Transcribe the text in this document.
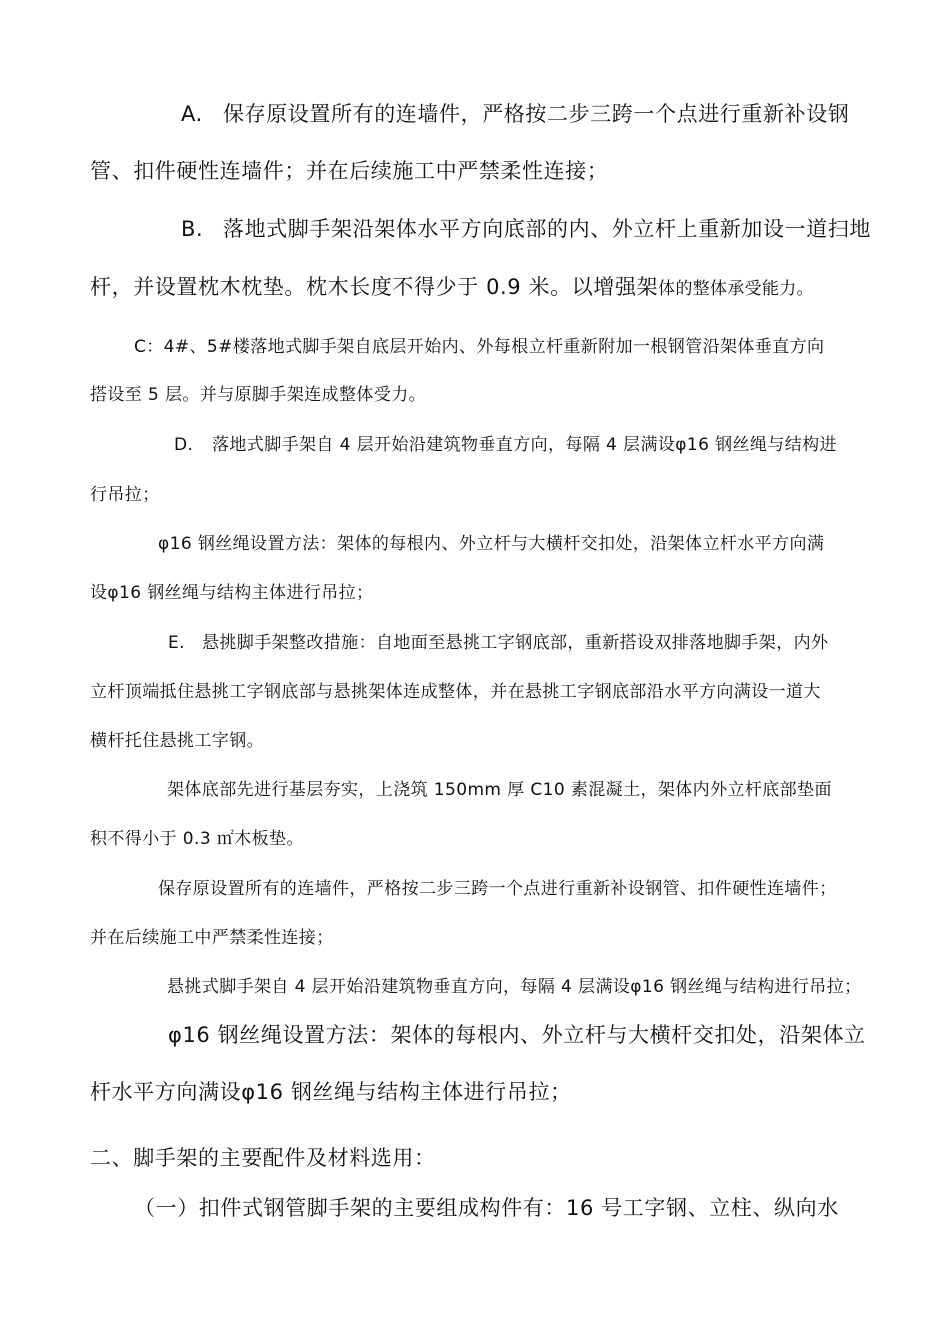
A. 保存原设置所有的连墙件，严格按二步三跨一个点进行重新补设钢
管、扣件硬性连墙件；并在后续施工中严禁柔性连接；
B. 落地式脚手架沿架体水平方向底部的内、外立杆上重新加设一道扫地
杆，并设置枕木枕垫。枕木长度不得少于 0.9 米。以增强架体的整体承受能力。
C：4#、5#楼落地式脚手架自底层开始内、外每根立杆重新附加一根钢管沿架体垂直方向
搭设至 5 层。并与原脚手架连成整体受力。
D. 落地式脚手架自 4 层开始沿建筑物垂直方向，每隔 4 层满设φ16 钢丝绳与结构进
行吊拉；
φ16 钢丝绳设置方法：架体的每根内、外立杆与大横杆交扣处，沿架体立杆水平方向满
设φ16 钢丝绳与结构主体进行吊拉；
E. 悬挑脚手架整改措施：自地面至悬挑工字钢底部，重新搭设双排落地脚手架，内外
立杆顶端抵住悬挑工字钢底部与悬挑架体连成整体，并在悬挑工字钢底部沿水平方向满设一道大
横杆托住悬挑工字钢。
架体底部先进行基层夯实，上浇筑 150mm 厚 C10 素混凝土，架体内外立杆底部垫面
积不得小于 0.3 ㎡木板垫。
保存原设置所有的连墙件，严格按二步三跨一个点进行重新补设钢管、扣件硬性连墙件；
并在后续施工中严禁柔性连接；
悬挑式脚手架自 4 层开始沿建筑物垂直方向，每隔 4 层满设φ16 钢丝绳与结构进行吊拉；
φ16 钢丝绳设置方法：架体的每根内、外立杆与大横杆交扣处，沿架体立
杆水平方向满设φ16 钢丝绳与结构主体进行吊拉；
二、脚手架的主要配件及材料选用：
（一）扣件式钢管脚手架的主要组成构件有：16 号工字钢、立柱、纵向水
